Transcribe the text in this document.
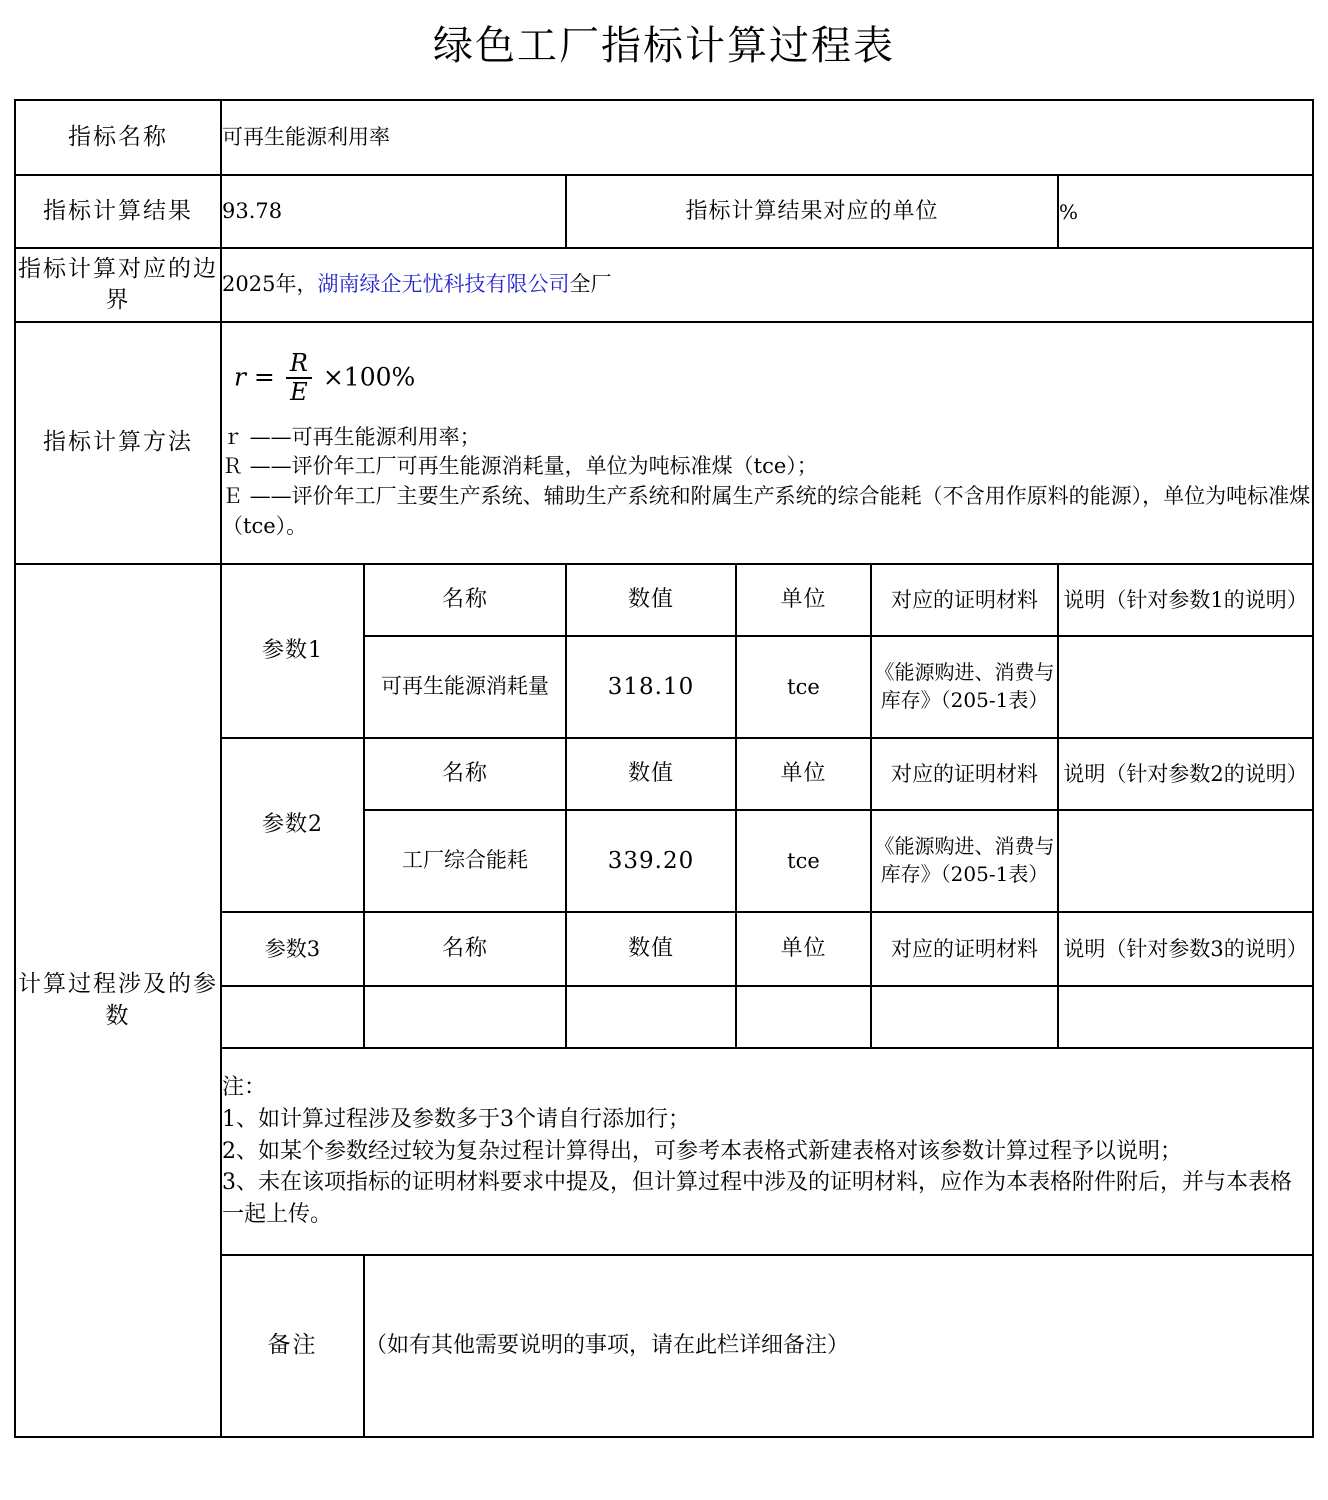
绿色工厂指标计算过程表
指标名称	可再生能源利用率					
指标计算结果	93.78		指标计算结果对应的单位			%
指标计算对应的边界	2025年，湖南绿企无忧科技有限公司全厂					
指标计算方法	$r = \frac{R}{E} \times 100\%$
ｒ ——可再生能源利用率；
Ｒ ——评价年工厂可再生能源消耗量，单位为吨标准煤（tce）；
Ｅ ——评价年工厂主要生产系统、辅助生产系统和附属生产系统的综合能耗（不含用作原料的能源），单位为吨标准煤（tce）。

计算过程涉及的参数	参数1	名称	数值	单位	对应的证明材料	说明（针对参数1的说明）
		可再生能源消耗量	318.10	tce	《能源购进、消费与库存》（205-1表）	
	参数2	名称	数值	单位	对应的证明材料	说明（针对参数2的说明）
		工厂综合能耗	339.20	tce	《能源购进、消费与库存》（205-1表）	
	参数3	名称	数值	单位	对应的证明材料	说明（针对参数3的说明）

	注：
1、如计算过程涉及参数多于3个请自行添加行；
2、如某个参数经过较为复杂过程计算得出，可参考本表格式新建表格对该参数计算过程予以说明；
3、未在该项指标的证明材料要求中提及，但计算过程中涉及的证明材料，应作为本表格附件附后，并与本表格一起上传。					

	备注	（如有其他需要说明的事项，请在此栏详细备注）				
